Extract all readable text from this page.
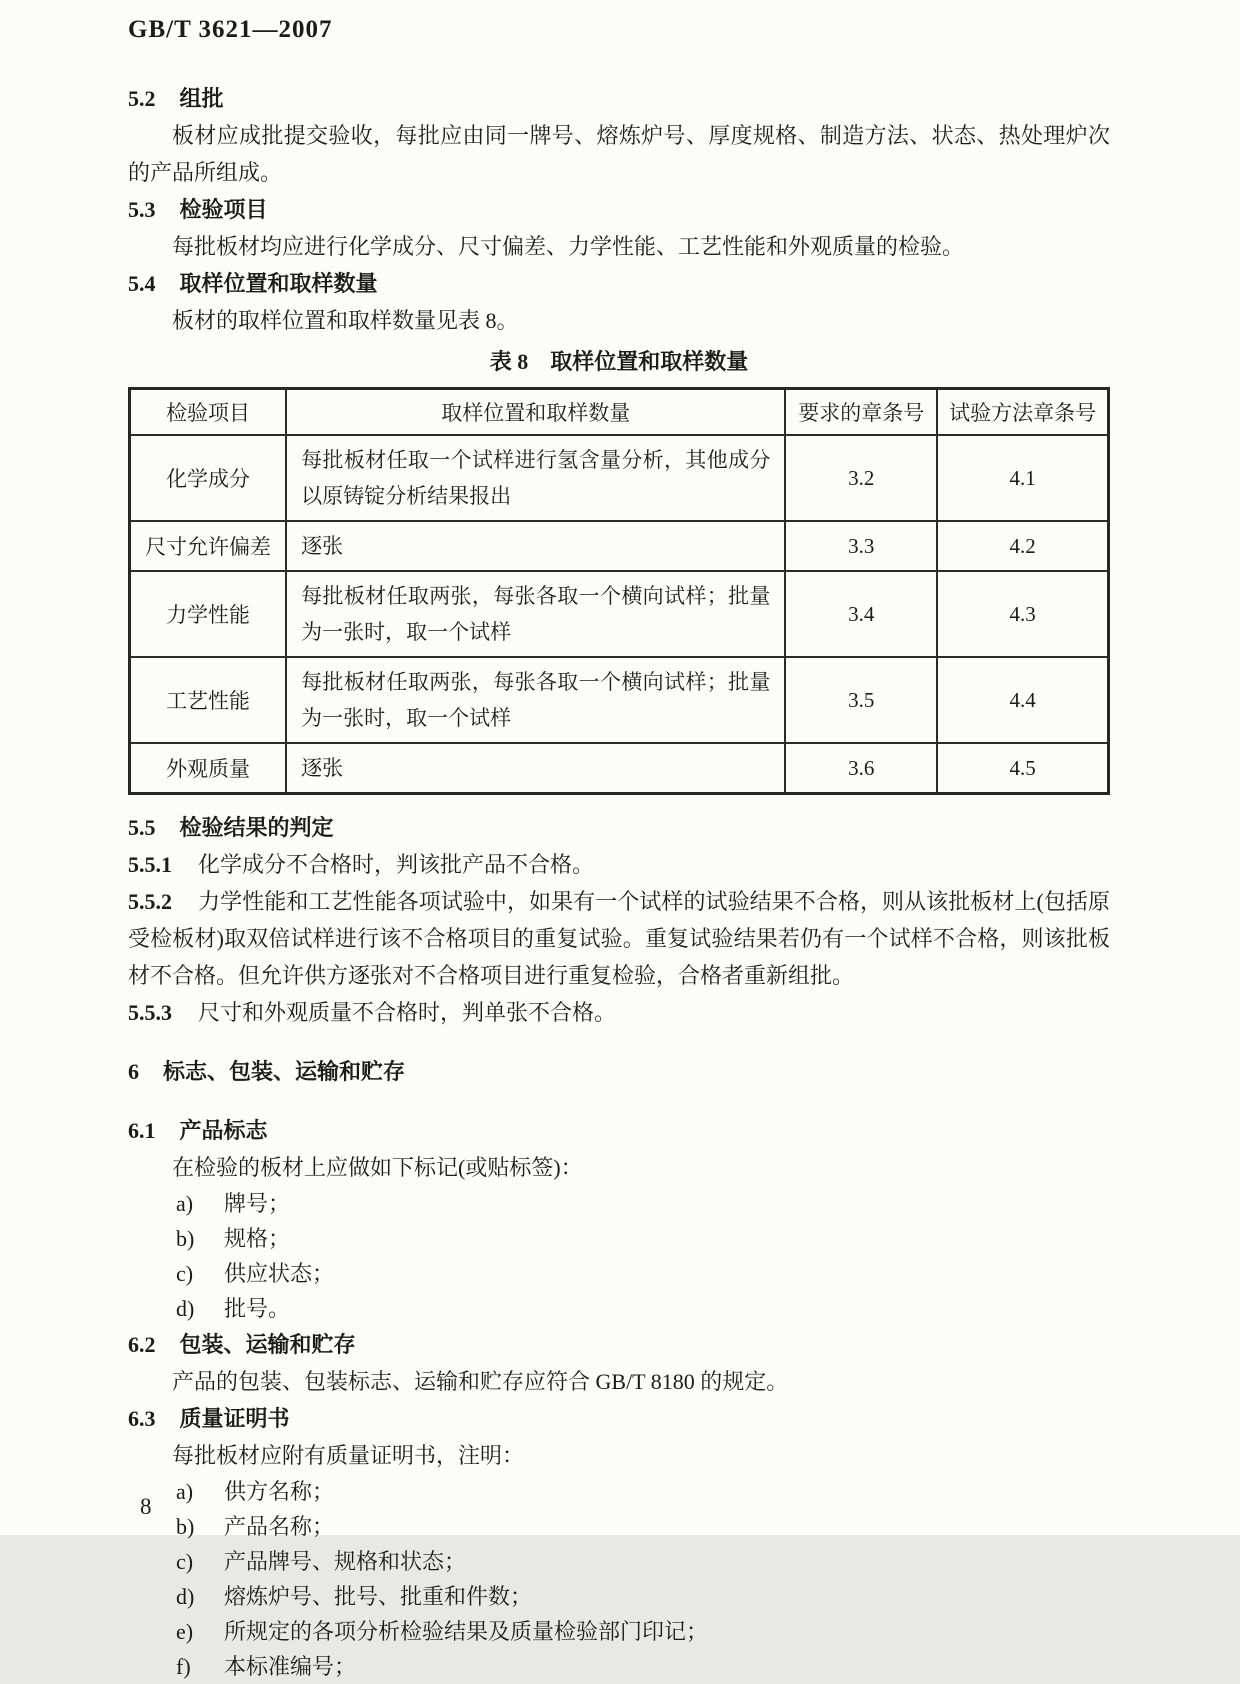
GB/T 3621—2007
5.2 组批

板材应成批提交验收，每批应由同一牌号、熔炼炉号、厚度规格、制造方法、状态、热处理炉次的产品所组成。

5.3 检验项目

每批板材均应进行化学成分、尺寸偏差、力学性能、工艺性能和外观质量的检验。

5.4 取样位置和取样数量

板材的取样位置和取样数量见表 8。

表 8　取样位置和取样数量
检验项目	取样位置和取样数量	要求的章条号	试验方法章条号
化学成分	每批板材任取一个试样进行氢含量分析，其他成分以原铸锭分析结果报出	3.2	4.1
尺寸允许偏差	逐张	3.3	4.2
力学性能	每批板材任取两张，每张各取一个横向试样；批量为一张时，取一个试样	3.4	4.3
工艺性能	每批板材任取两张，每张各取一个横向试样；批量为一张时，取一个试样	3.5	4.4
外观质量	逐张	3.6	4.5
5.5 检验结果的判定

5.5.1 化学成分不合格时，判该批产品不合格。

5.5.2 力学性能和工艺性能各项试验中，如果有一个试样的试验结果不合格，则从该批板材上(包括原受检板材)取双倍试样进行该不合格项目的重复试验。重复试验结果若仍有一个试样不合格，则该批板材不合格。但允许供方逐张对不合格项目进行重复检验，合格者重新组批。

5.5.3 尺寸和外观质量不合格时，判单张不合格。

6 标志、包装、运输和贮存
6.1 产品标志

在检验的板材上应做如下标记(或贴标签)：

a)	牌号；
b)	规格；
c)	供应状态；
d)	批号。
6.2 包装、运输和贮存

产品的包装、包装标志、运输和贮存应符合 GB/T 8180 的规定。

6.3 质量证明书

每批板材应附有质量证明书，注明：

a)	供方名称；
b)	产品名称；
c)	产品牌号、规格和状态；
d)	熔炼炉号、批号、批重和件数；
e)	所规定的各项分析检验结果及质量检验部门印记；
f)	本标准编号；
8
